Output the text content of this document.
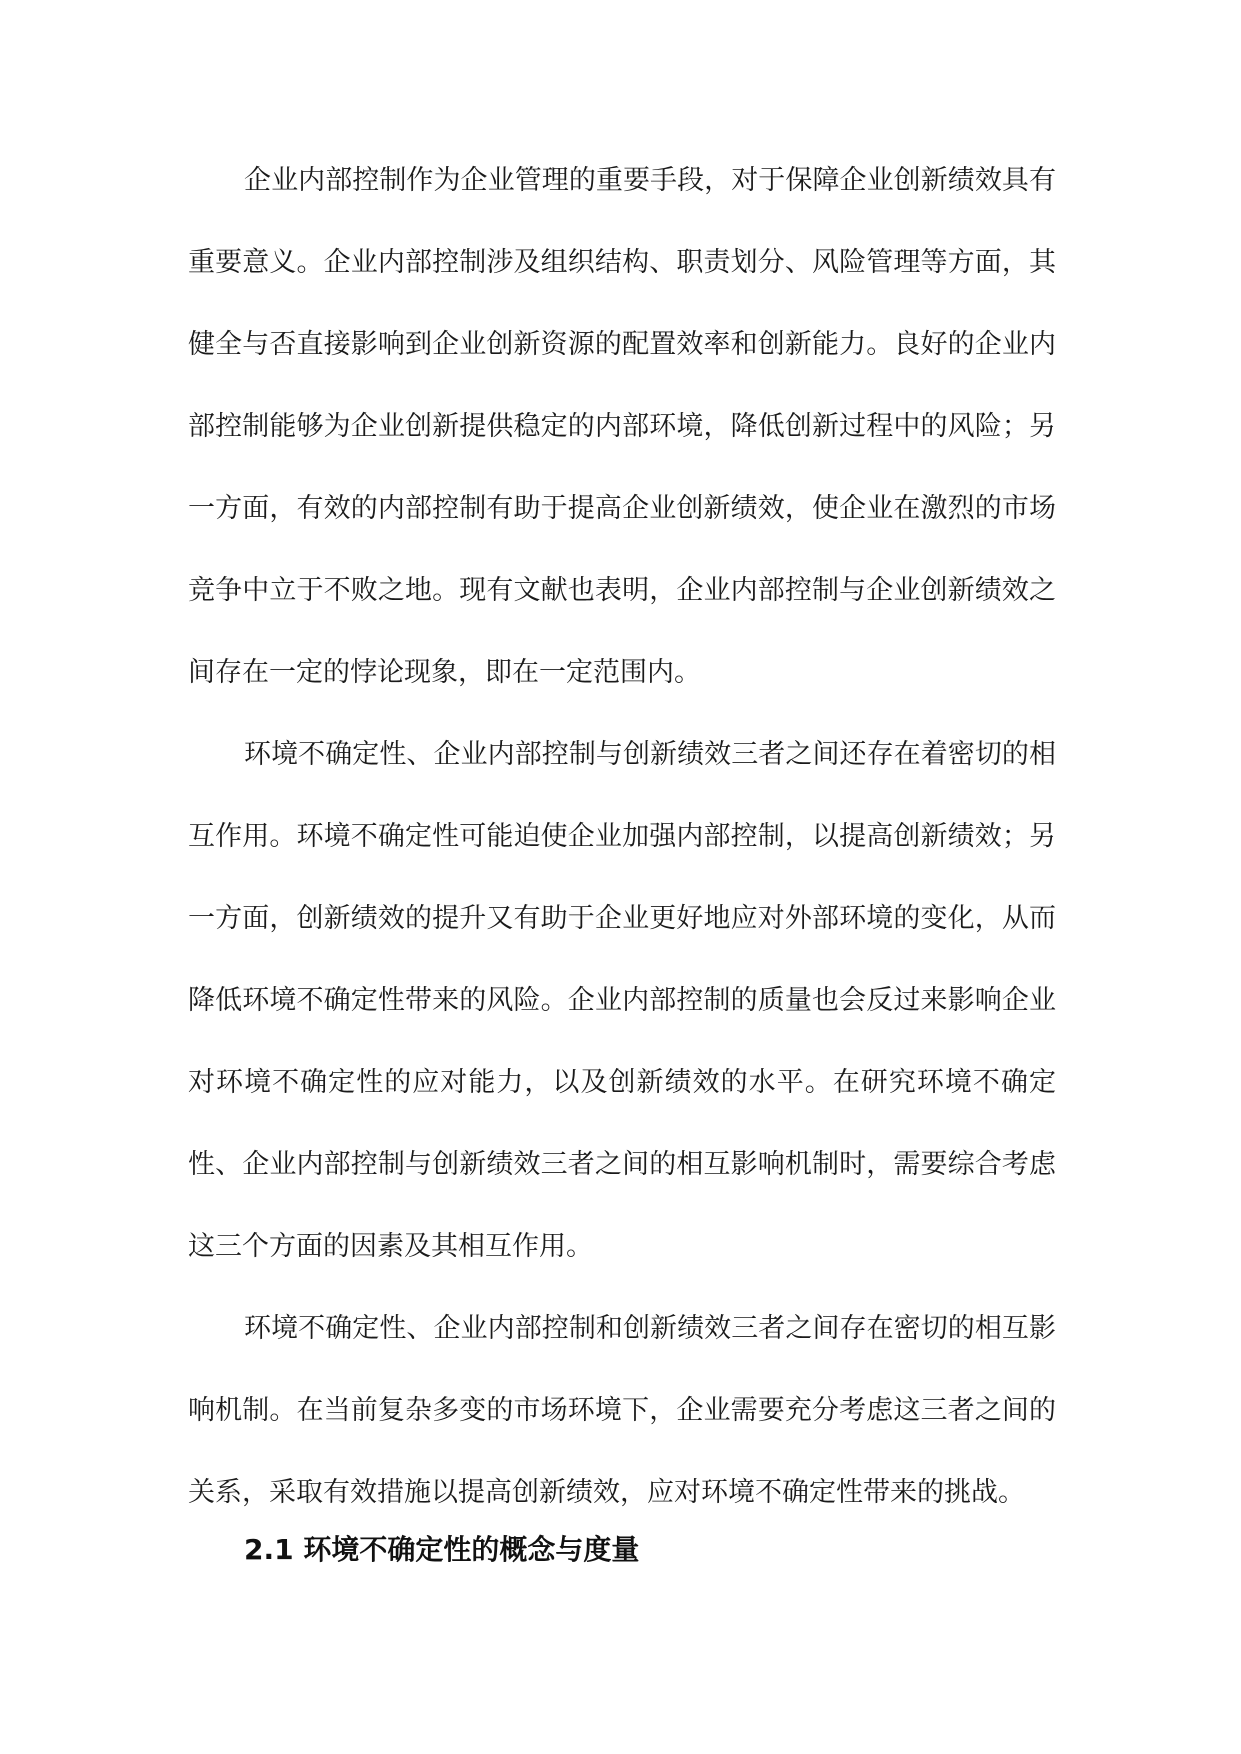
企业内部控制作为企业管理的重要手段，对于保障企业创新绩效具有重要意义。企业内部控制涉及组织结构、职责划分、风险管理等方面，其健全与否直接影响到企业创新资源的配置效率和创新能力。良好的企业内部控制能够为企业创新提供稳定的内部环境，降低创新过程中的风险；另一方面，有效的内部控制有助于提高企业创新绩效，使企业在激烈的市场竞争中立于不败之地。现有文献也表明，企业内部控制与企业创新绩效之间存在一定的悖论现象，即在一定范围内。

环境不确定性、企业内部控制与创新绩效三者之间还存在着密切的相互作用。环境不确定性可能迫使企业加强内部控制，以提高创新绩效；另一方面，创新绩效的提升又有助于企业更好地应对外部环境的变化，从而降低环境不确定性带来的风险。企业内部控制的质量也会反过来影响企业对环境不确定性的应对能力，以及创新绩效的水平。在研究环境不确定性、企业内部控制与创新绩效三者之间的相互影响机制时，需要综合考虑这三个方面的因素及其相互作用。

环境不确定性、企业内部控制和创新绩效三者之间存在密切的相互影响机制。在当前复杂多变的市场环境下，企业需要充分考虑这三者之间的关系，采取有效措施以提高创新绩效，应对环境不确定性带来的挑战。

2.1 环境不确定性的概念与度量
